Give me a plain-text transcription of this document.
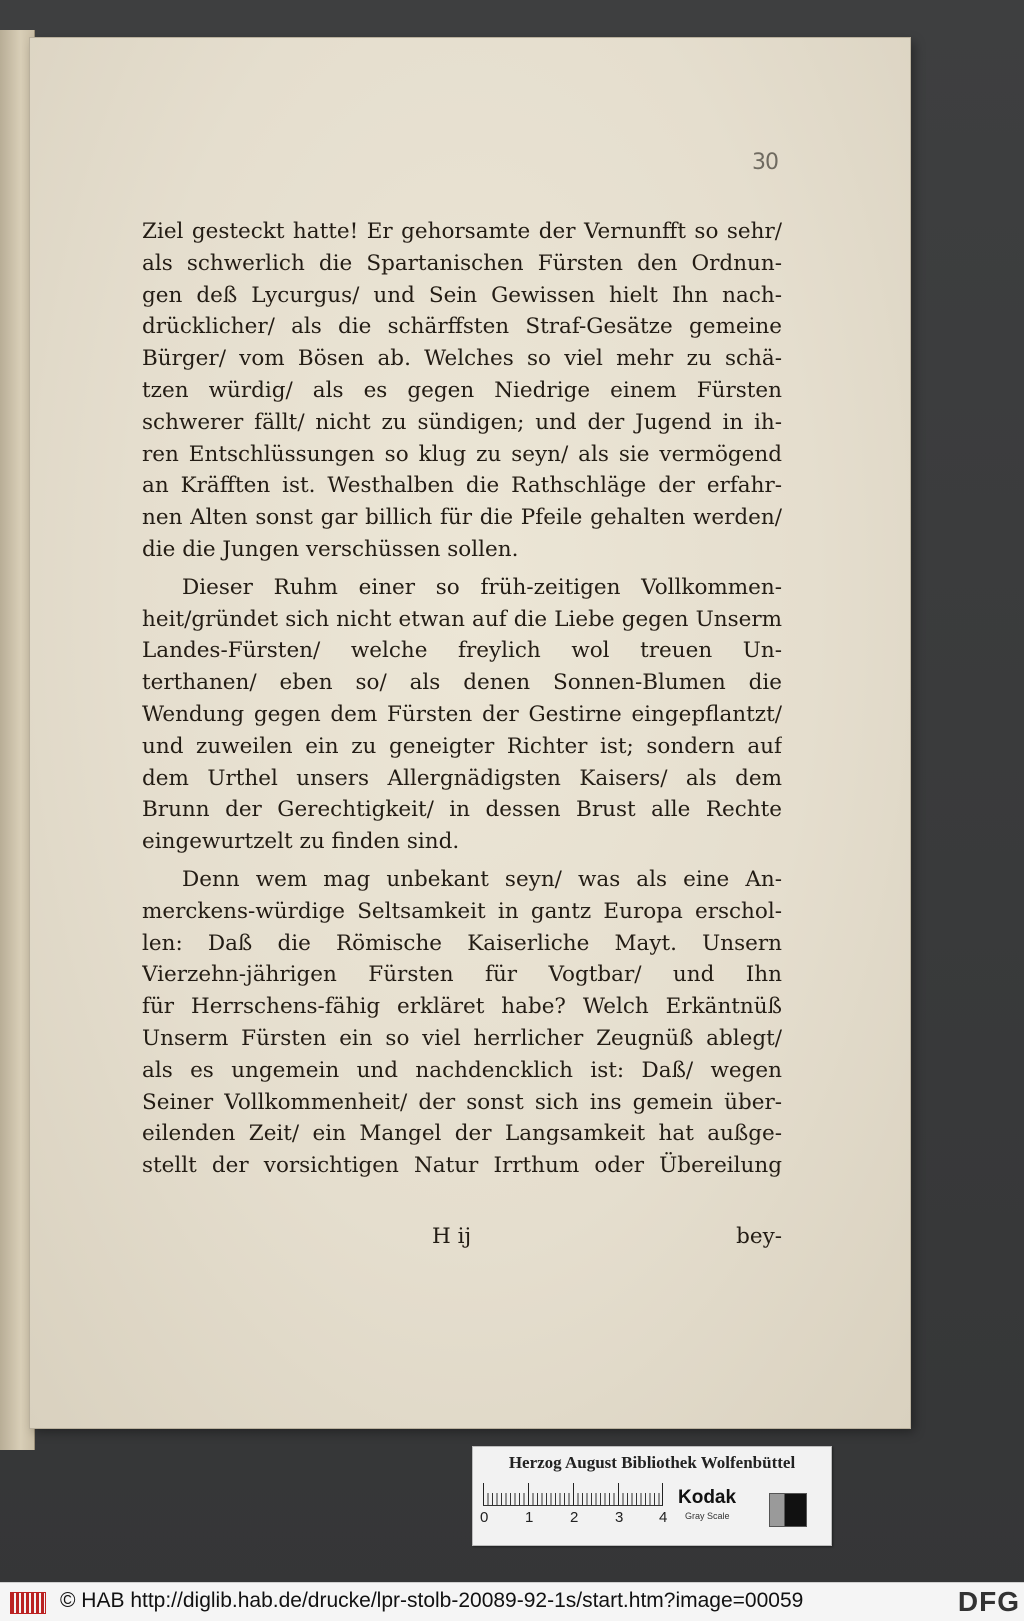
30
Ziel gesteckt hatte! Er gehorsamte der Vernunfft so sehr/
als schwerlich die Spartanischen Fürsten den Ordnun-
gen deß Lycurgus/ und Sein Gewissen hielt Ihn nach-
drücklicher/ als die schärffsten Straf-Gesätze gemeine
Bürger/ vom Bösen ab. Welches so viel mehr zu schä-
tzen würdig/ als es gegen Niedrige einem Fürsten
schwerer fällt/ nicht zu sündigen; und der Jugend in ih-
ren Entschlüssungen so klug zu seyn/ als sie vermögend
an Kräfften ist. Westhalben die Rathschläge der erfahr-
nen Alten sonst gar billich für die Pfeile gehalten werden/
die die Jungen verschüssen sollen.
Dieser Ruhm einer so früh-zeitigen Vollkommen-
heit/gründet sich nicht etwan auf die Liebe gegen Unserm
Landes-Fürsten/ welche freylich wol treuen Un-
terthanen/ eben so/ als denen Sonnen-Blumen die
Wendung gegen dem Fürsten der Gestirne eingepflantzt/
und zuweilen ein zu geneigter Richter ist; sondern auf
dem Urthel unsers Allergnädigsten Kaisers/ als dem
Brunn der Gerechtigkeit/ in dessen Brust alle Rechte
eingewurtzelt zu finden sind.
Denn wem mag unbekant seyn/ was als eine An-
merckens-würdige Seltsamkeit in gantz Europa erschol-
len: Daß die Römische Kaiserliche Mayt. Unsern
Vierzehn-jährigen Fürsten für Vogtbar/ und Ihn
für Herrschens-fähig erkläret habe? Welch Erkäntnüß
Unserm Fürsten ein so viel herrlicher Zeugnüß ablegt/
als es ungemein und nachdencklich ist: Daß/ wegen
Seiner Vollkommenheit/ der sonst sich ins gemein über-
eilenden Zeit/ ein Mangel der Langsamkeit hat außge-
stellt der vorsichtigen Natur Irrthum oder Übereilung
H ij	bey-
Herzog August Bibliothek Wolfenbüttel
0 1 2 3 4
Kodak
Gray Scale
© HAB http://diglib.hab.de/drucke/lpr-stolb-20089-92-1s/start.htm?image=00059	DFG
